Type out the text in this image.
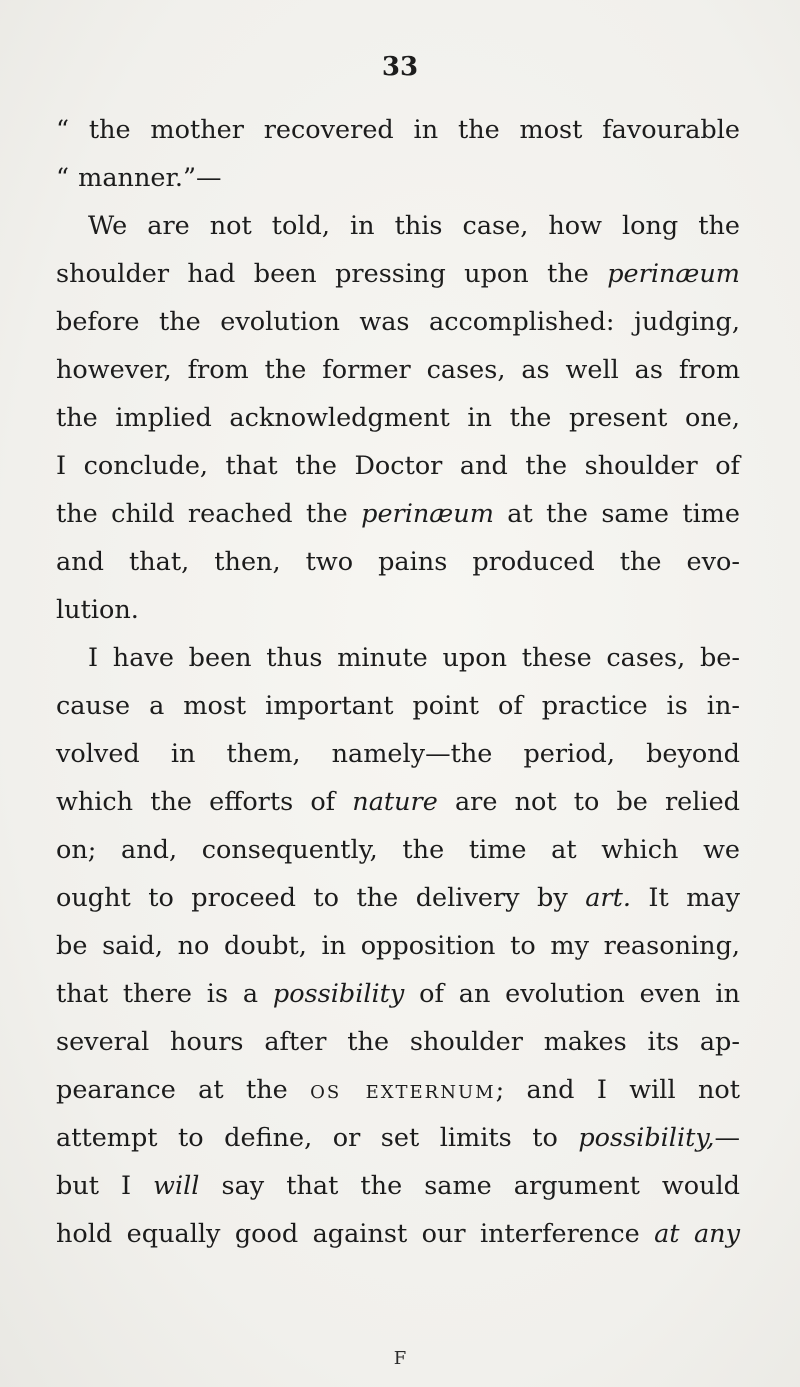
33
“ the mother recovered in the most favourable
“ manner.”—
We are not told, in this case, how long the
shoulder had been pressing upon the perinæum
before the evolution was accomplished: judging,
however, from the former cases, as well as from
the implied acknowledgment in the present one,
I conclude, that the Doctor and the shoulder of
the child reached the perinæum at the same time
and that, then, two pains produced the evo-
lution.
I have been thus minute upon these cases, be-
cause a most important point of practice is in-
volved in them, namely—the period, beyond
which the efforts of nature are not to be relied
on; and, consequently, the time at which we
ought to proceed to the delivery by art. It may
be said, no doubt, in opposition to my reasoning,
that there is a possibility of an evolution even in
several hours after the shoulder makes its ap-
pearance at the os externum; and I will not
attempt to define, or set limits to possibility,—
but I will say that the same argument would
hold equally good against our interference at any
F
